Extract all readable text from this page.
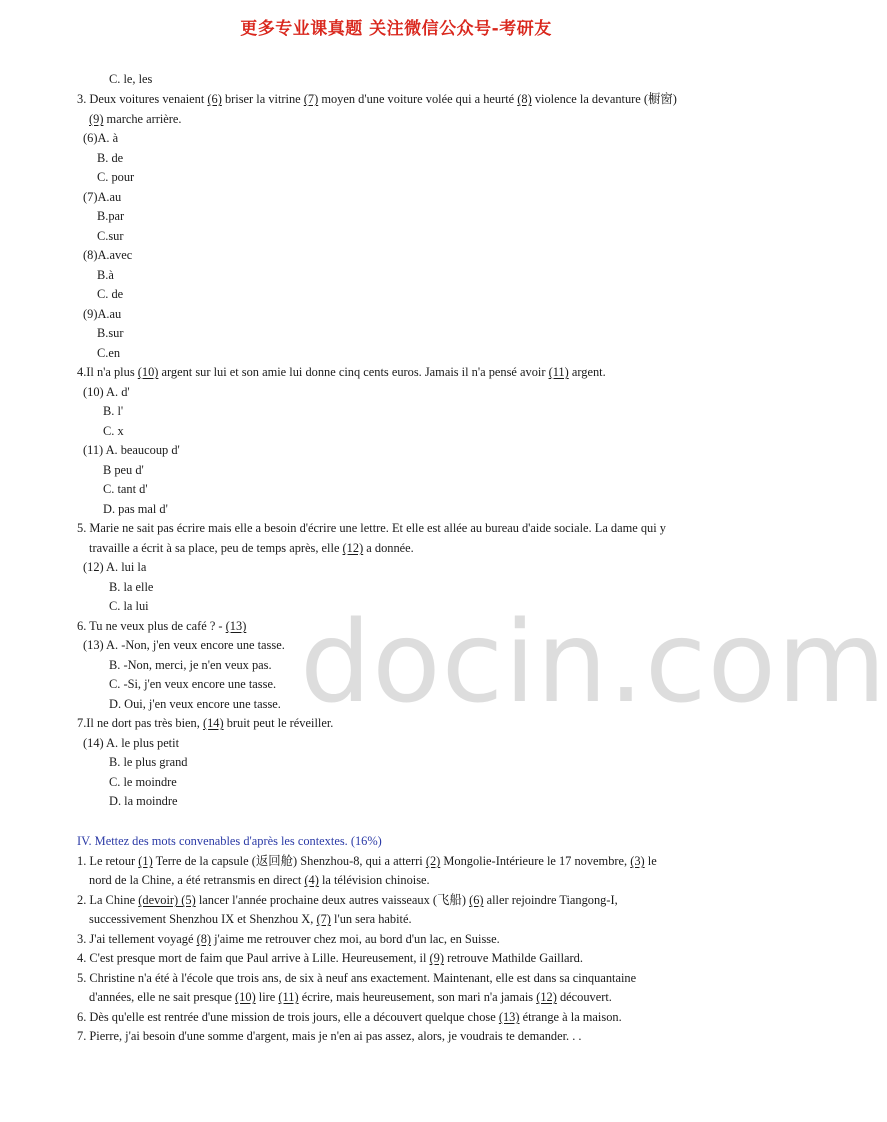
更多专业课真题 关注微信公众号-考研友
docin.com
C. le, les
3. Deux voitures venaient (6) briser la vitrine (7) moyen d'une voiture volée qui a heurté (8) violence la devanture (橱窗)
(9) marche arrière.
(6)A. à
B. de
C. pour
(7)A.au
B.par
C.sur
(8)A.avec
B.à
C. de
(9)A.au
B.sur
C.en
4.Il n'a plus (10) argent sur lui et son amie lui donne cinq cents euros. Jamais il n'a pensé avoir (11) argent.
(10) A. d'
B. l'
C. x
(11) A. beaucoup d'
B peu d'
C. tant d'
D. pas mal d'
5. Marie ne sait pas écrire mais elle a besoin d'écrire une lettre. Et elle est allée au bureau d'aide sociale. La dame qui y
travaille a écrit à sa place, peu de temps après, elle (12) a donnée.
(12) A. lui la
B. la elle
C. la lui
6. Tu ne veux plus de café ? - (13)
(13) A. -Non, j'en veux encore une tasse.
B. -Non, merci, je n'en veux pas.
C. -Si, j'en veux encore une tasse.
D. Oui, j'en veux encore une tasse.
7.Il ne dort pas très bien, (14) bruit peut le réveiller.
(14) A. le plus petit
B. le plus grand
C. le moindre
D. la moindre
IV. Mettez des mots convenables d'après les contextes. (16%)
1. Le retour (1) Terre de la capsule (返回舱) Shenzhou-8, qui a atterri (2) Mongolie-Intérieure le 17 novembre, (3) le
nord de la Chine, a été retransmis en direct (4) la télévision chinoise.
2. La Chine (devoir) (5) lancer l'année prochaine deux autres vaisseaux (飞船) (6) aller rejoindre Tiangong-I,
successivement Shenzhou IX et Shenzhou X, (7) l'un sera habité.
3. J'ai tellement voyagé (8) j'aime me retrouver chez moi, au bord d'un lac, en Suisse.
4. C'est presque mort de faim que Paul arrive à Lille. Heureusement, il (9) retrouve Mathilde Gaillard.
5. Christine n'a été à l'école que trois ans, de six à neuf ans exactement. Maintenant, elle est dans sa cinquantaine
d'années, elle ne sait presque (10) lire (11) écrire, mais heureusement, son mari n'a jamais (12) découvert.
6. Dès qu'elle est rentrée d'une mission de trois jours, elle a découvert quelque chose (13) étrange à la maison.
7. Pierre, j'ai besoin d'une somme d'argent, mais je n'en ai pas assez, alors, je voudrais te demander. . .
